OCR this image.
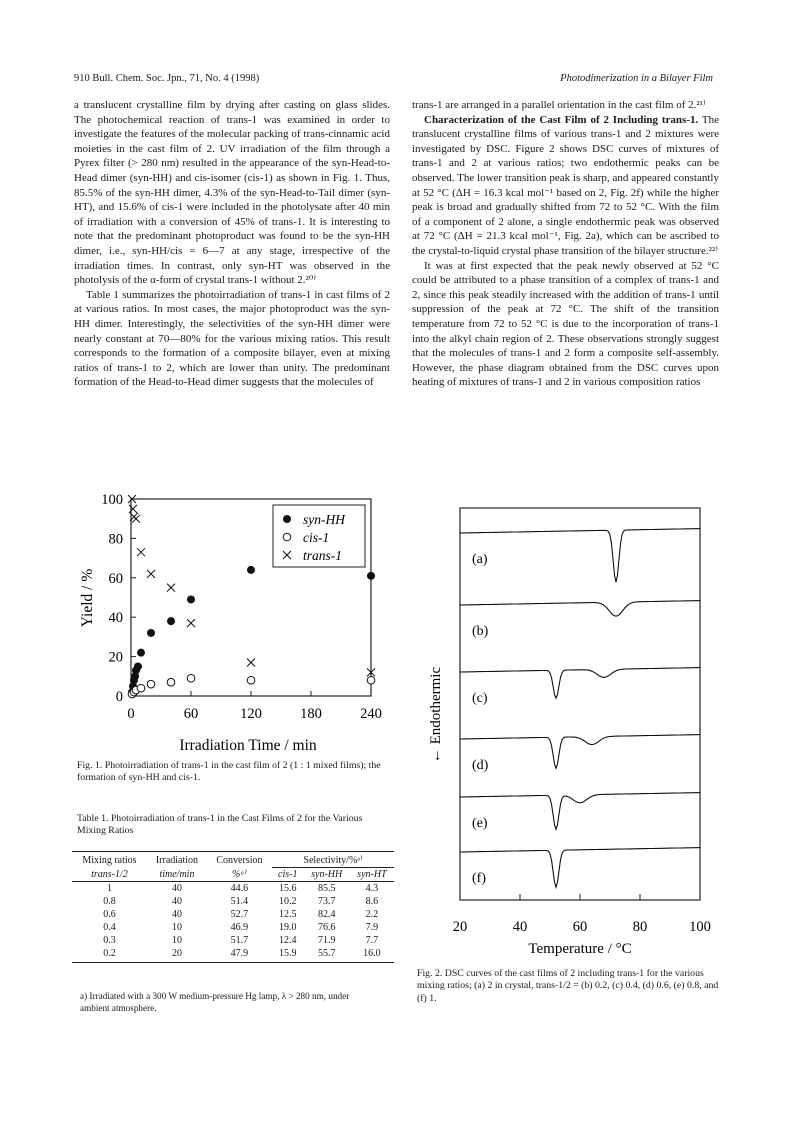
910 Bull. Chem. Soc. Jpn., 71, No. 4 (1998)	Photodimerization in a Bilayer Film

a translucent crystalline film by drying after casting on glass slides. The photochemical reaction of trans-1 was examined in order to investigate the features of the molecular packing of trans-cinnamic acid moieties in the cast film of 2. UV irradiation of the film through a Pyrex filter (> 280 nm) resulted in the appearance of the syn-Head-to-Head dimer (syn-HH) and cis-isomer (cis-1) as shown in Fig. 1. Thus, 85.5% of the syn-HH dimer, 4.3% of the syn-Head-to-Tail dimer (syn-HT), and 15.6% of cis-1 were included in the photolysate after 40 min of irradiation with a conversion of 45% of trans-1. It is interesting to note that the predominant photoproduct was found to be the syn-HH dimer, i.e., syn-HH/cis = 6—7 at any stage, irrespective of the irradiation times. In contrast, only syn-HT was observed in the photolysis of the α-form of crystal trans-1 without 2.²⁰⁾

Table 1 summarizes the photoirradiation of trans-1 in cast films of 2 at various ratios. In most cases, the major photoproduct was the syn-HH dimer. Interestingly, the selectivities of the syn-HH dimer were nearly constant at 70—80% for the various mixing ratios. This result corresponds to the formation of a composite bilayer, even at mixing ratios of trans-1 to 2, which are lower than unity. The predominant formation of the Head-to-Head dimer suggests that the molecules of

trans-1 are arranged in a parallel orientation in the cast film of 2.²¹⁾

Characterization of the Cast Film of 2 Including trans-1. The translucent crystalline films of various trans-1 and 2 mixtures were investigated by DSC. Figure 2 shows DSC curves of mixtures of trans-1 and 2 at various ratios; two endothermic peaks can be observed. The lower transition peak is sharp, and appeared constantly at 52 °C (ΔH = 16.3 kcal mol⁻¹ based on 2, Fig. 2f) while the higher peak is broad and gradually shifted from 72 to 52 °C. With the film of a component of 2 alone, a single endothermic peak was observed at 72 °C (ΔH = 21.3 kcal mol⁻¹, Fig. 2a), which can be ascribed to the crystal-to-liquid crystal phase transition of the bilayer structure.²²⁾

It was at first expected that the peak newly observed at 52 °C could be attributed to a phase transition of a complex of trans-1 and 2, since this peak steadily increased with the addition of trans-1 until suppression of the peak at 72 °C. The shift of the transition temperature from 72 to 52 °C is due to the incorporation of trans-1 into the alkyl chain region of 2. These observations strongly suggest that the molecules of trans-1 and 2 form a composite self-assembly. However, the phase diagram obtained from the DSC curves upon heating of mixtures of trans-1 and 2 in various composition ratios

0	60	120	180	240
0
20
40
60
80
100
syn-HH
cis-1
trans-1
Irradiation Time / min
Yield / %
Fig. 1. Photoirradiation of trans-1 in the cast film of 2 (1 : 1 mixed films); the formation of syn-HH and cis-1.
Table 1. Photoirradiation of trans-1 in the Cast Films of 2 for the Various Mixing Ratios
Mixing ratios	Irradiation	Conversion	Selectivity/%ᵃ⁾		
trans-1/2	time/min	%ᵃ⁾	cis-1	syn-HH	syn-HT
1	40	44.6	15.6	85.5	4.3
0.8	40	51.4	10.2	73.7	8.6
0.6	40	52.7	12.5	82.4	2.2
0.4	10	46.9	19.0	76.6	7.9
0.3	10	51.7	12.4	71.9	7.7
0.2	20	47.9	15.9	55.7	16.0
a) Irradiated with a 300 W medium-pressure Hg lamp, λ > 280 nm, under ambient atmosphere.
(a)
(b)
(c)
(d)
(e)
(f)
20	40	60	80	100
Temperature / °C
← Endothermic
Fig. 2. DSC curves of the cast films of 2 including trans-1 for the various mixing ratios; (a) 2 in crystal, trans-1/2 = (b) 0.2, (c) 0.4, (d) 0.6, (e) 0.8, and (f) 1.
